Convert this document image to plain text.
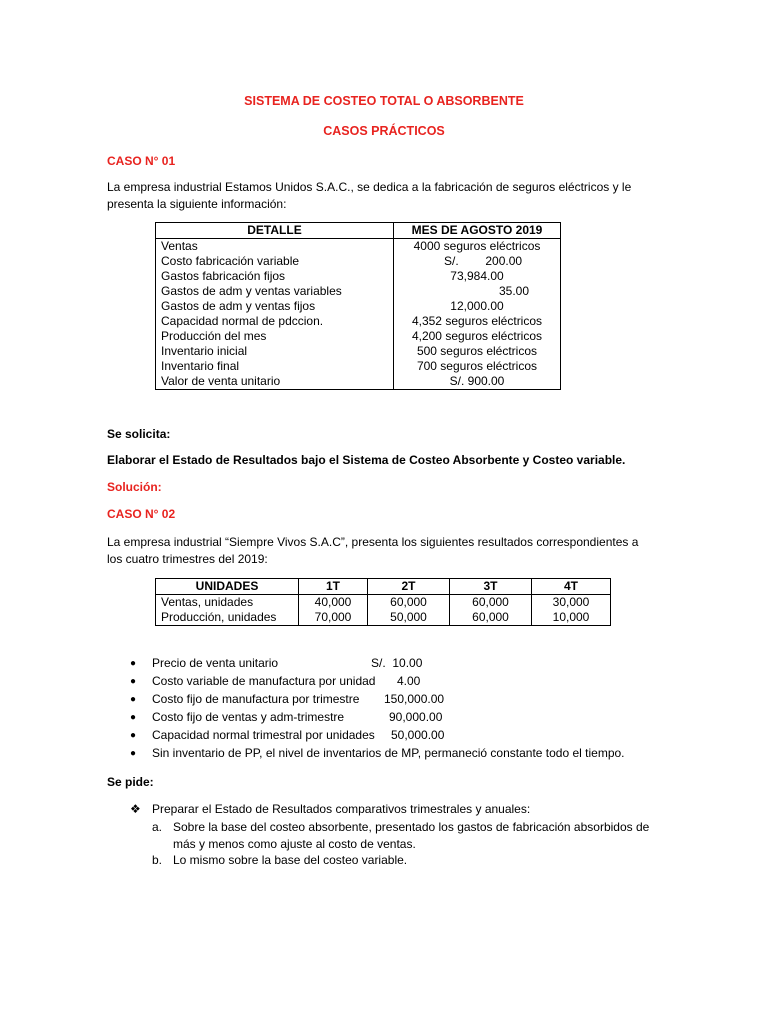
SISTEMA DE COSTEO TOTAL O ABSORBENTE
CASOS PRÁCTICOS
CASO N° 01
La empresa industrial Estamos Unidos S.A.C., se dedica a la fabricación de seguros eléctricos y le presenta la siguiente información:
DETALLE	MES DE AGOSTO 2019
Ventas	4000 seguros eléctricos
Costo fabricación variable	S/.        200.00
Gastos fabricación fijos	73,984.00
Gastos de adm y ventas variables	35.00
Gastos de adm y ventas fijos	12,000.00
Capacidad normal de pdccion.	4,352 seguros eléctricos
Producción del mes	4,200 seguros eléctricos
Inventario inicial	500 seguros eléctricos
Inventario final	700 seguros eléctricos
Valor de venta unitario	S/. 900.00
Se solicita:
Elaborar el Estado de Resultados bajo el Sistema de Costeo Absorbente y Costeo variable.
Solución:
CASO N° 02
La empresa industrial “Siempre Vivos S.A.C”, presenta los siguientes resultados correspondientes a los cuatro trimestres del 2019:
UNIDADES	1T	2T	3T	4T
Ventas, unidades	40,000	60,000	60,000	30,000
Producción, unidades	70,000	50,000	60,000	10,000
● Precio de venta unitario	S/.  10.00
● Costo variable de manufactura por unidad 4.00
● Costo fijo de manufactura por trimestre 150,000.00
● Costo fijo de ventas y adm-trimestre	90,000.00
● Capacidad normal trimestral por unidades 50,000.00
● Sin inventario de PP, el nivel de inventarios de MP, permaneció constante todo el tiempo.
Se pide:
❖ Preparar el Estado de Resultados comparativos trimestrales y anuales:
a. Sobre la base del costeo absorbente, presentado los gastos de fabricación absorbidos de más y menos como ajuste al costo de ventas.
b. Lo mismo sobre la base del costeo variable.
